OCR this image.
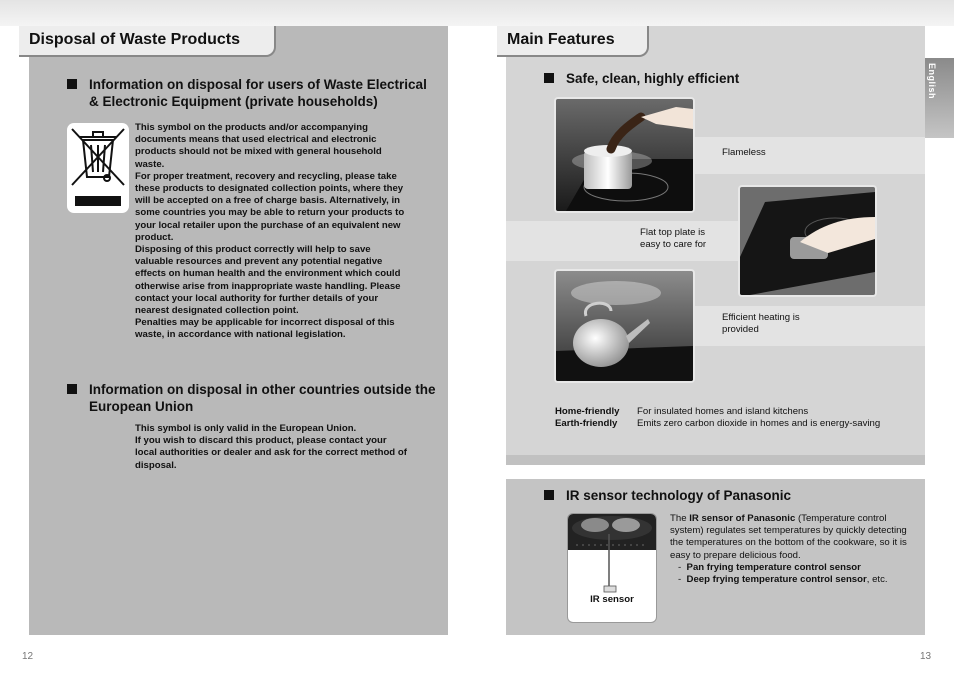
Disposal of Waste Products
Information on disposal for users of Waste Electrical & Electronic Equipment (private households)

This symbol on the products and/or accompanying documents means that used electrical and electronic products should not be mixed with general household waste.

For proper treatment, recovery and recycling, please take these products to designated collection points, where they will be accepted on a free of charge basis. Alternatively, in some countries you may be able to return your products to your local retailer upon the purchase of an equivalent new product.

Disposing of this product correctly will help to save valuable resources and prevent any potential negative effects on human health and the environment which could otherwise arise from inappropriate waste handling. Please contact your local authority for further details of your nearest designated collection point.

Penalties may be applicable for incorrect disposal of this waste, in accordance with national legislation.

Information on disposal in other countries outside the European Union

This symbol is only valid in the European Union.

If you wish to discard this product, please contact your local authorities or dealer and ask for the correct method of disposal.

12
Main Features
English
Safe, clean, highly efficient
Flameless
Flat top plate is
easy to care for
Efficient heating is
provided
Home-friendly For insulated homes and island kitchens
Earth-friendly Emits zero carbon dioxide in homes and is energy-saving
IR sensor technology of Panasonic
IR sensor
The IR sensor of Panasonic (Temperature control system) regulates set temperatures by quickly detecting the temperatures on the bottom of the cookware, so it is easy to prepare delicious food.
- Pan frying temperature control sensor
- Deep frying temperature control sensor, etc.
13
